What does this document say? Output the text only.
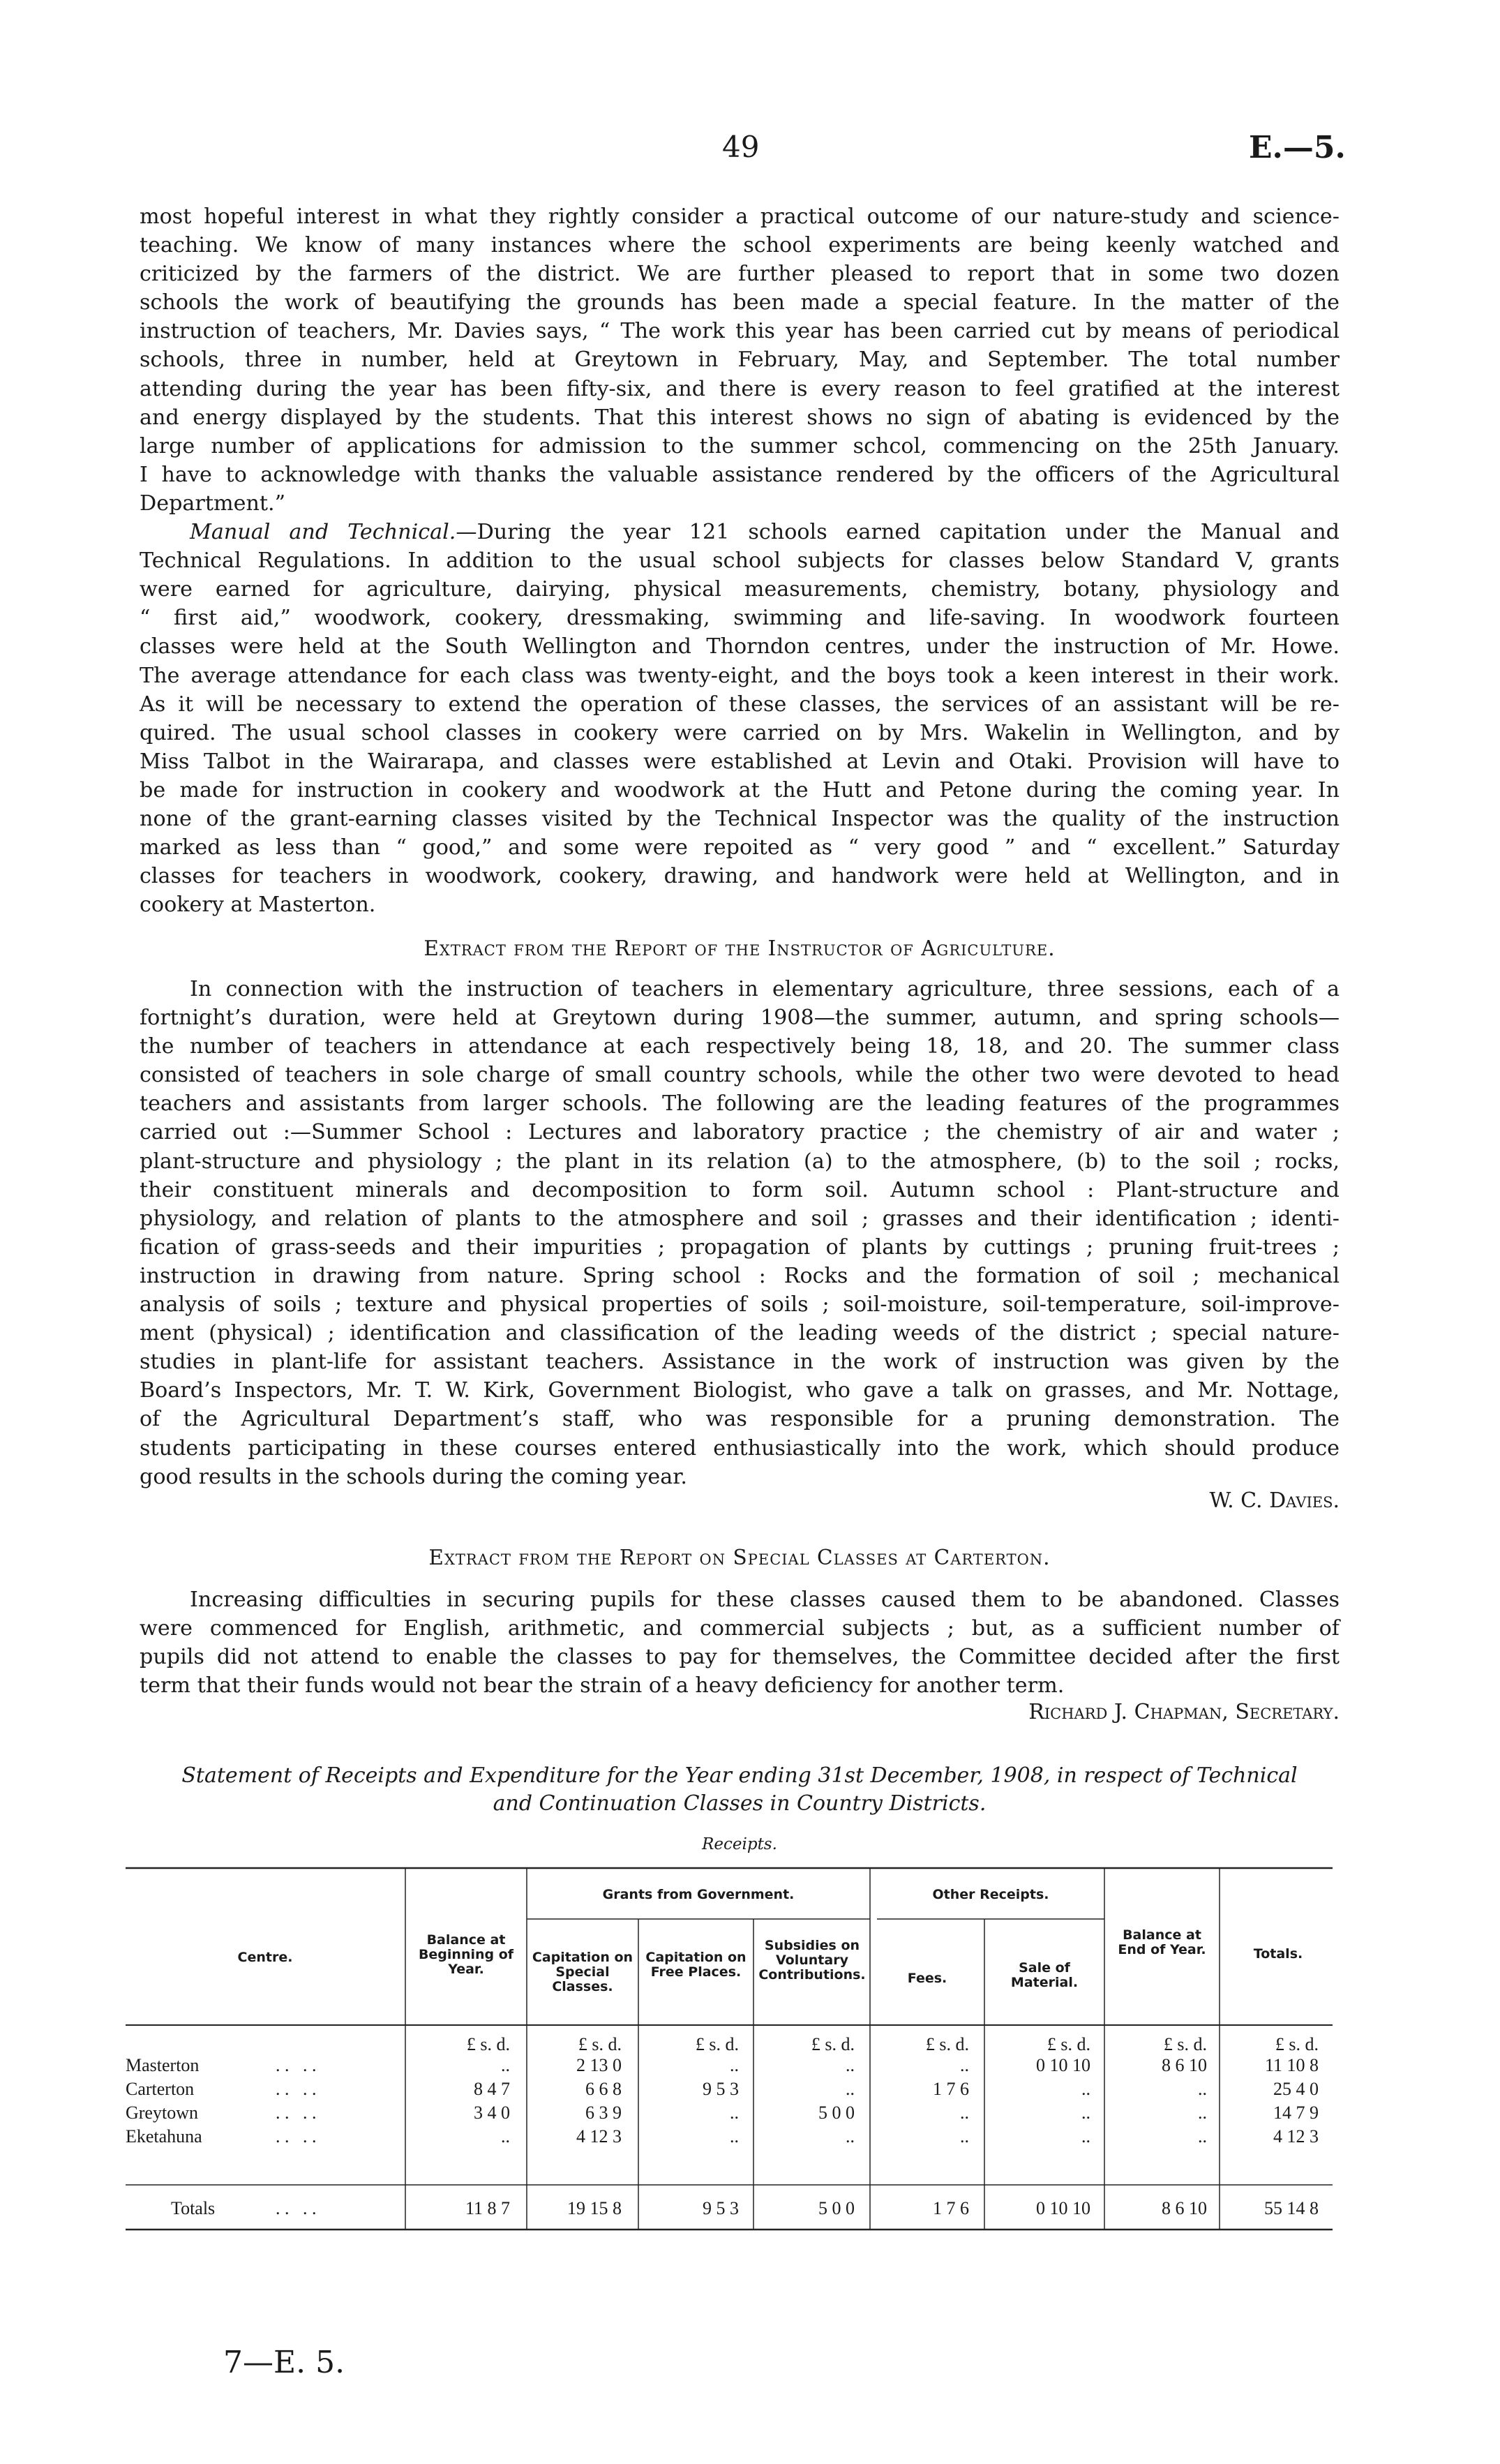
49	E.—5.
most hopeful interest in what they rightly consider a practical outcome of our nature-study and science-
teaching. We know of many instances where the school experiments are being keenly watched and
criticized by the farmers of the district. We are further pleased to report that in some two dozen
schools the work of beautifying the grounds has been made a special feature. In the matter of the
instruction of teachers, Mr. Davies says, “ The work this year has been carried cut by means of periodical
schools, three in number, held at Greytown in February, May, and September. The total number
attending during the year has been fifty-six, and there is every reason to feel gratified at the interest
and energy displayed by the students. That this interest shows no sign of abating is evidenced by the
large number of applications for admission to the summer schcol, commencing on the 25th January.
I have to acknowledge with thanks the valuable assistance rendered by the officers of the Agricultural
Department.”
Manual and Technical.—During the year 121 schools earned capitation under the Manual and
Technical Regulations. In addition to the usual school subjects for classes below Standard V, grants
were earned for agriculture, dairying, physical measurements, chemistry, botany, physiology and
“ first aid,” woodwork, cookery, dressmaking, swimming and life-saving. In woodwork fourteen
classes were held at the South Wellington and Thorndon centres, under the instruction of Mr. Howe.
The average attendance for each class was twenty-eight, and the boys took a keen interest in their work.
As it will be necessary to extend the operation of these classes, the services of an assistant will be re-
quired. The usual school classes in cookery were carried on by Mrs. Wakelin in Wellington, and by
Miss Talbot in the Wairarapa, and classes were established at Levin and Otaki. Provision will have to
be made for instruction in cookery and woodwork at the Hutt and Petone during the coming year. In
none of the grant-earning classes visited by the Technical Inspector was the quality of the instruction
marked as less than “ good,” and some were repoited as “ very good ” and “ excellent.” Saturday
classes for teachers in woodwork, cookery, drawing, and handwork were held at Wellington, and in
cookery at Masterton.
Extract from the Report of the Instructor of Agriculture.
In connection with the instruction of teachers in elementary agriculture, three sessions, each of a
fortnight’s duration, were held at Greytown during 1908—the summer, autumn, and spring schools—
the number of teachers in attendance at each respectively being 18, 18, and 20. The summer class
consisted of teachers in sole charge of small country schools, while the other two were devoted to head
teachers and assistants from larger schools. The following are the leading features of the programmes
carried out :—Summer School : Lectures and laboratory practice ; the chemistry of air and water ;
plant-structure and physiology ; the plant in its relation (a) to the atmosphere, (b) to the soil ; rocks,
their constituent minerals and decomposition to form soil. Autumn school : Plant-structure and
physiology, and relation of plants to the atmosphere and soil ; grasses and their identification ; identi-
fication of grass-seeds and their impurities ; propagation of plants by cuttings ; pruning fruit-trees ;
instruction in drawing from nature. Spring school : Rocks and the formation of soil ; mechanical
analysis of soils ; texture and physical properties of soils ; soil-moisture, soil-temperature, soil-improve-
ment (physical) ; identification and classification of the leading weeds of the district ; special nature-
studies in plant-life for assistant teachers. Assistance in the work of instruction was given by the
Board’s Inspectors, Mr. T. W. Kirk, Government Biologist, who gave a talk on grasses, and Mr. Nottage,
of the Agricultural Department’s staff, who was responsible for a pruning demonstration. The
students participating in these courses entered enthusiastically into the work, which should produce
good results in the schools during the coming year.
W. C. Davies.
Extract from the Report on Special Classes at Carterton.
Increasing difficulties in securing pupils for these classes caused them to be abandoned. Classes
were commenced for English, arithmetic, and commercial subjects ; but, as a sufficient number of
pupils did not attend to enable the classes to pay for themselves, the Committee decided after the first
term that their funds would not bear the strain of a heavy deficiency for another term.
Richard J. Chapman, Secretary.
Statement of Receipts and Expenditure for the Year ending 31st December, 1908, in respect of Technical
and Continuation Classes in Country Districts.
Receipts.
Grants from Government.	Other Receipts.
Centre.
Balance at Beginning of Year.
Capitation on Special Classes.
Capitation on Free Places.
Subsidies on Voluntary Contributions.	Fees.
Sale of Material.
Balance at End of Year.	Totals.
£ s. d.	£ s. d.	£ s. d.	£ s. d.	£ s. d.	£ s. d.	£ s. d.	£ s. d.
Masterton	. .   . .	..	2 13 0	..	..	..	0 10 10	8 6 10	11 10 8
Carterton	. .   . .	8 4 7	6 6 8	9 5 3	..	1 7 6	..	..	25 4 0
Greytown	. .   . .	3 4 0	6 3 9	..	5 0 0	..	..	..	14 7 9
Eketahuna	. .   . .	..	4 12 3	..	..	..	..	..	4 12 3
Totals	. .   . .	11 8 7	19 15 8	9 5 3	5 0 0	1 7 6	0 10 10	8 6 10	55 14 8
7—E. 5.
